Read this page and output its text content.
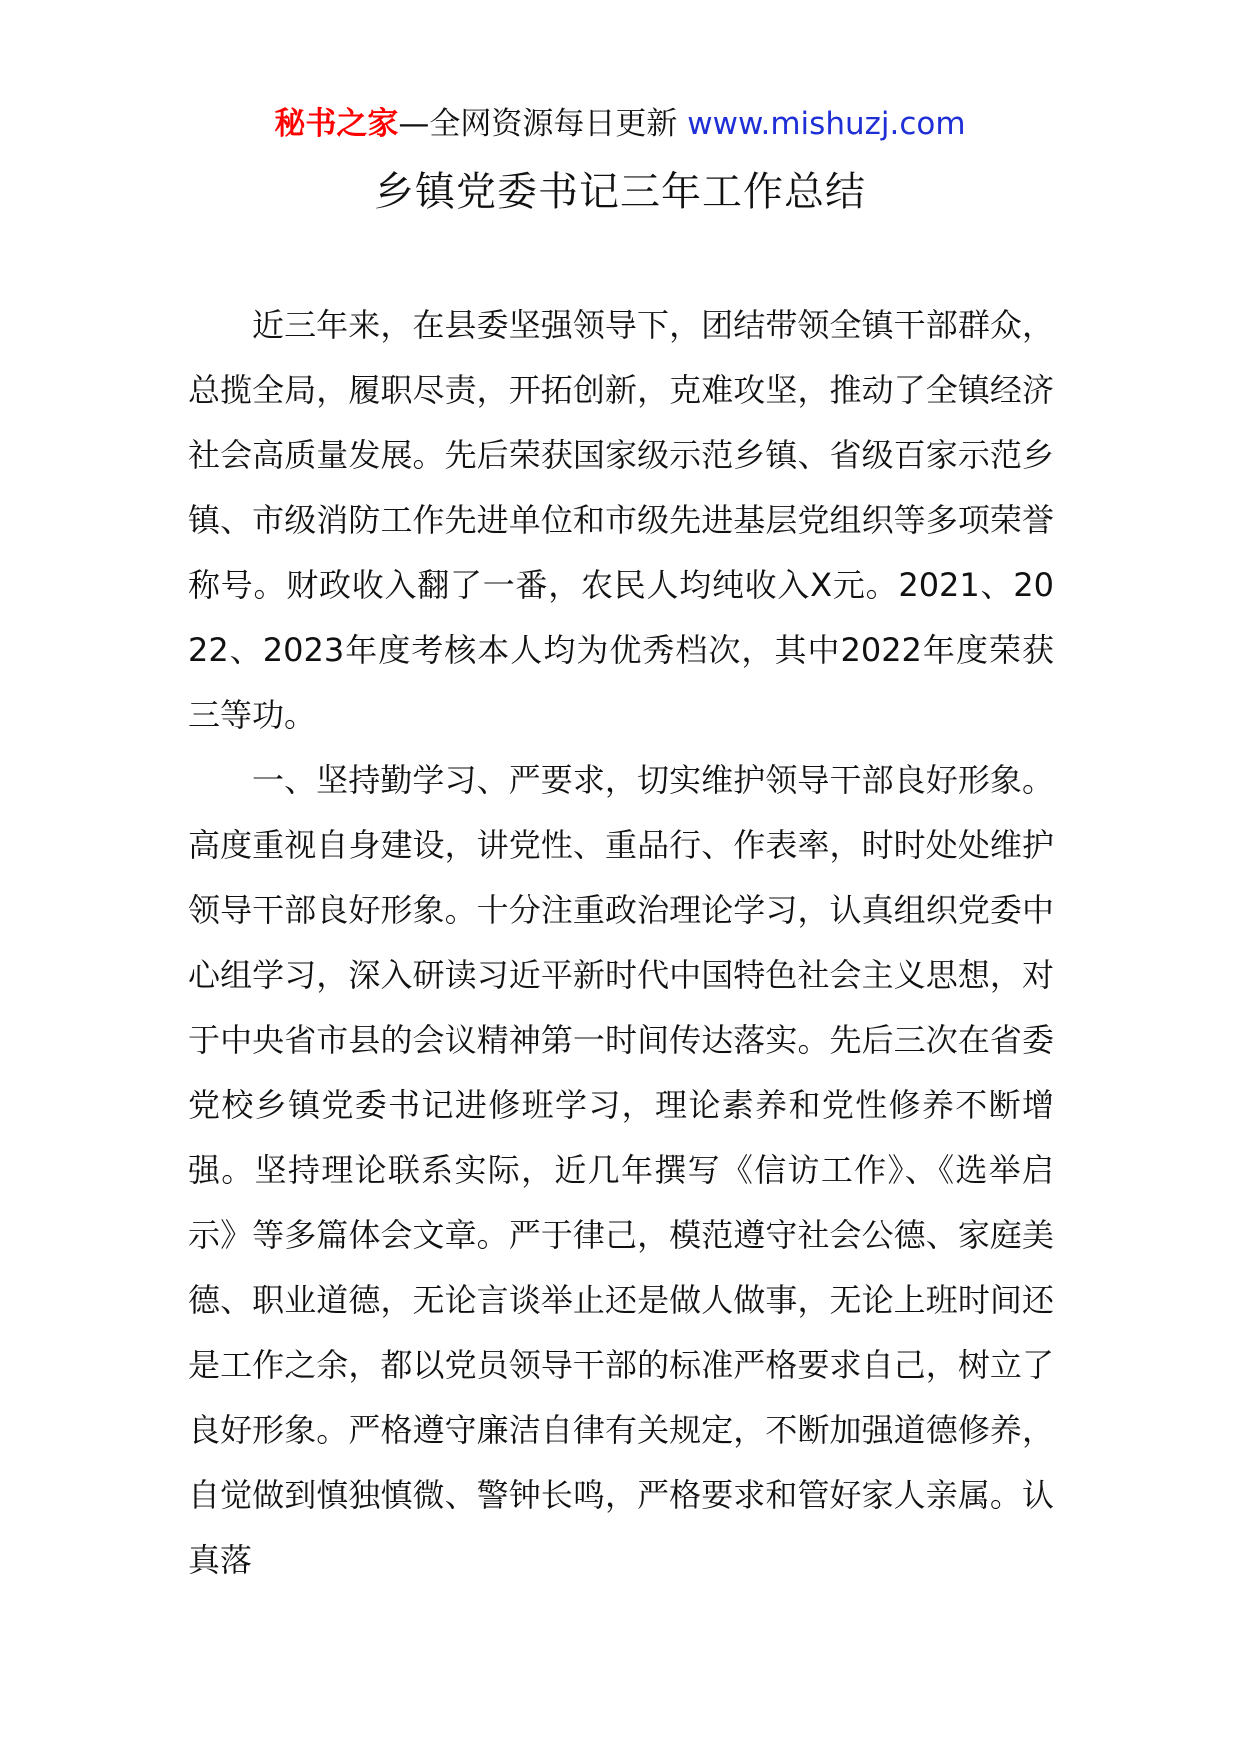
秘书之家—全网资源每日更新 www.mishuzj.com
乡镇党委书记三年工作总结

近三年来，在县委坚强领导下，团结带领全镇干部群众，总揽全局，履职尽责，开拓创新，克难攻坚，推动了全镇经济社会高质量发展。先后荣获国家级示范乡镇、省级百家示范乡镇、市级消防工作先进单位和市级先进基层党组织等多项荣誉称号。财政收入翻了一番，农民人均纯收入X元。2021、2022、2023年度考核本人均为优秀档次，其中2022年度荣获三等功。

一、坚持勤学习、严要求，切实维护领导干部良好形象。高度重视自身建设，讲党性、重品行、作表率，时时处处维护领导干部良好形象。十分注重政治理论学习，认真组织党委中心组学习，深入研读习近平新时代中国特色社会主义思想，对于中央省市县的会议精神第一时间传达落实。先后三次在省委党校乡镇党委书记进修班学习，理论素养和党性修养不断增强。坚持理论联系实际，近几年撰写《信访工作》、《选举启示》等多篇体会文章。严于律己，模范遵守社会公德、家庭美德、职业道德，无论言谈举止还是做人做事，无论上班时间还是工作之余，都以党员领导干部的标准严格要求自己，树立了良好形象。严格遵守廉洁自律有关规定，不断加强道德修养，自觉做到慎独慎微、警钟长鸣，严格要求和管好家人亲属。认真落
